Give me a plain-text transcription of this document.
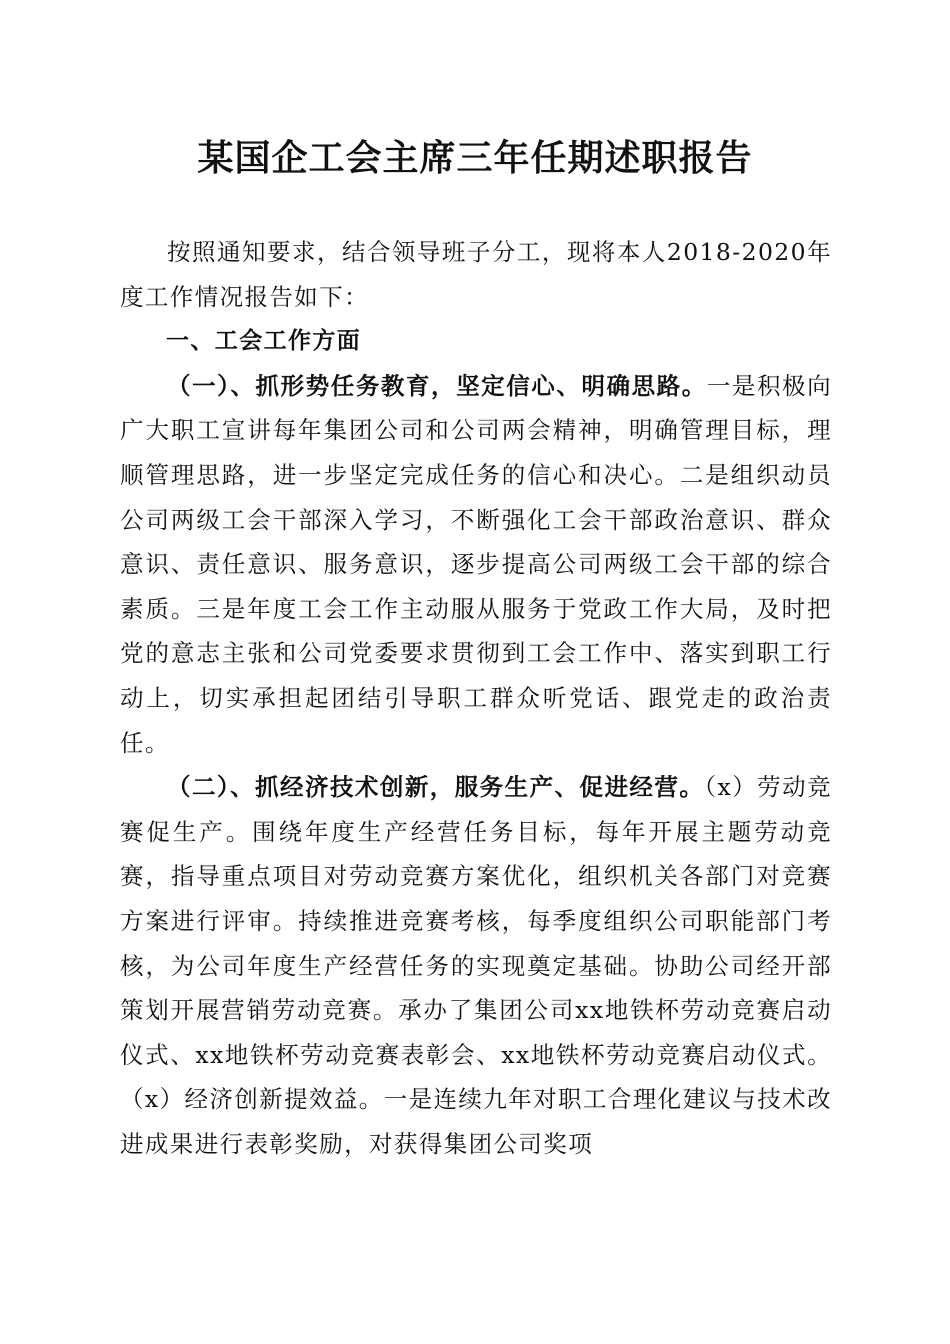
某国企工会主席三年任期述职报告

按照通知要求，结合领导班子分工，现将本人2018-2020年度工作情况报告如下：

一、工会工作方面

（一）、抓形势任务教育，坚定信心、明确思路。一是积极向广大职工宣讲每年集团公司和公司两会精神，明确管理目标，理顺管理思路，进一步坚定完成任务的信心和决心。二是组织动员公司两级工会干部深入学习，不断强化工会干部政治意识、群众意识、责任意识、服务意识，逐步提高公司两级工会干部的综合素质。三是年度工会工作主动服从服务于党政工作大局，及时把党的意志主张和公司党委要求贯彻到工会工作中、落实到职工行动上，切实承担起团结引导职工群众听党话、跟党走的政治责任。

（二）、抓经济技术创新，服务生产、促进经营。（x）劳动竞赛促生产。围绕年度生产经营任务目标，每年开展主题劳动竞赛，指导重点项目对劳动竞赛方案优化，组织机关各部门对竞赛方案进行评审。持续推进竞赛考核，每季度组织公司职能部门考核，为公司年度生产经营任务的实现奠定基础。协助公司经开部策划开展营销劳动竞赛。承办了集团公司xx地铁杯劳动竞赛启动仪式、xx地铁杯劳动竞赛表彰会、xx地铁杯劳动竞赛启动仪式。（x）经济创新提效益。一是连续九年对职工合理化建议与技术改进成果进行表彰奖励，对获得集团公司奖项
